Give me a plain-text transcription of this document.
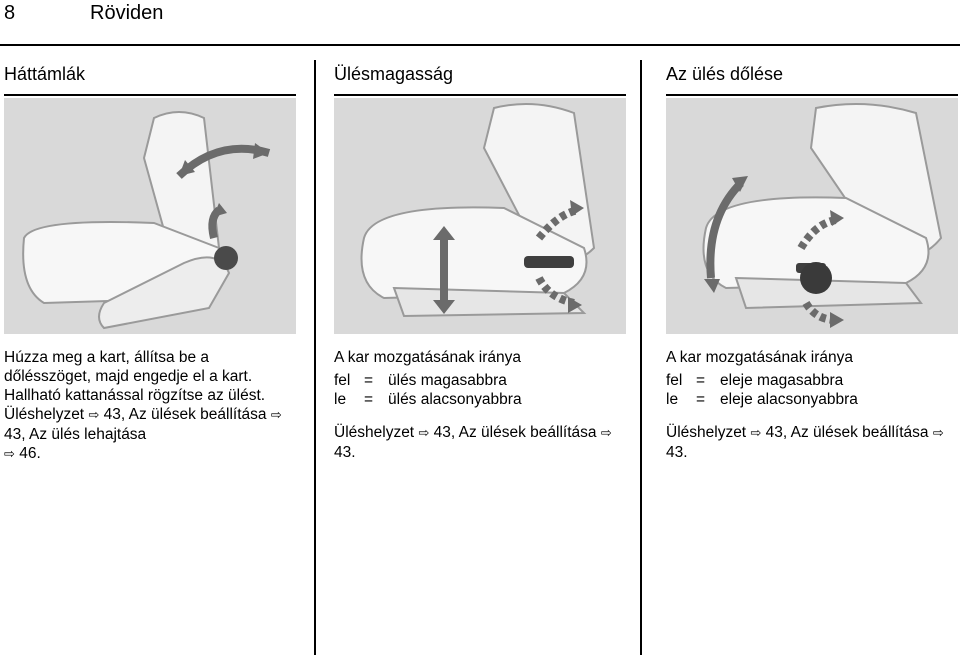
8	Röviden
Háttámlák

Húzza meg a kart, állítsa be a dőlésszöget, majd engedje el a kart. Hallható kattanással rögzítse az ülést.

Üléshelyzet ⇨ 43, Az ülések beállítása ⇨ 43, Az ülés lehajtása
⇨ 46.

Ülésmagasság

A kar mozgatásának iránya

fel = ülés magasabbra
le	= ülés alacsonyabbra

Üléshelyzet ⇨ 43, Az ülések beállítása ⇨ 43.

Az ülés dőlése

A kar mozgatásának iránya

fel = eleje magasabbra
le	= eleje alacsonyabbra

Üléshelyzet ⇨ 43, Az ülések beállítása ⇨ 43.
